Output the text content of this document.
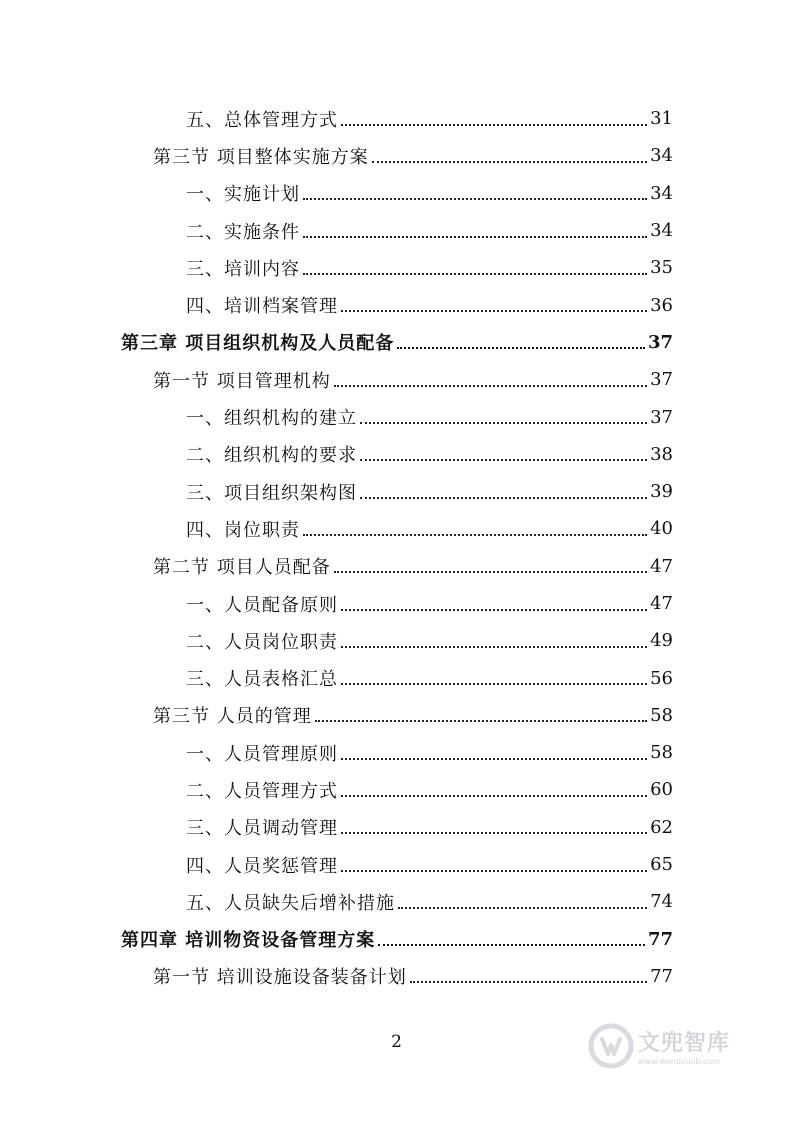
五、总体管理方式	31
第三节 项目整体实施方案	34
一、实施计划	34
二、实施条件	34
三、培训内容	35
四、培训档案管理	36
第三章 项目组织机构及人员配备	37
第一节 项目管理机构	37
一、组织机构的建立	37
二、组织机构的要求	38
三、项目组织架构图	39
四、岗位职责	40
第二节 项目人员配备	47
一、人员配备原则	47
二、人员岗位职责	49
三、人员表格汇总	56
第三节 人员的管理	58
一、人员管理原则	58
二、人员管理方式	60
三、人员调动管理	62
四、人员奖惩管理	65
五、人员缺失后增补措施	74
第四章 培训物资设备管理方案	77
第一节 培训设施设备装备计划	77
2	文兜智库
www.wendoulib.com
